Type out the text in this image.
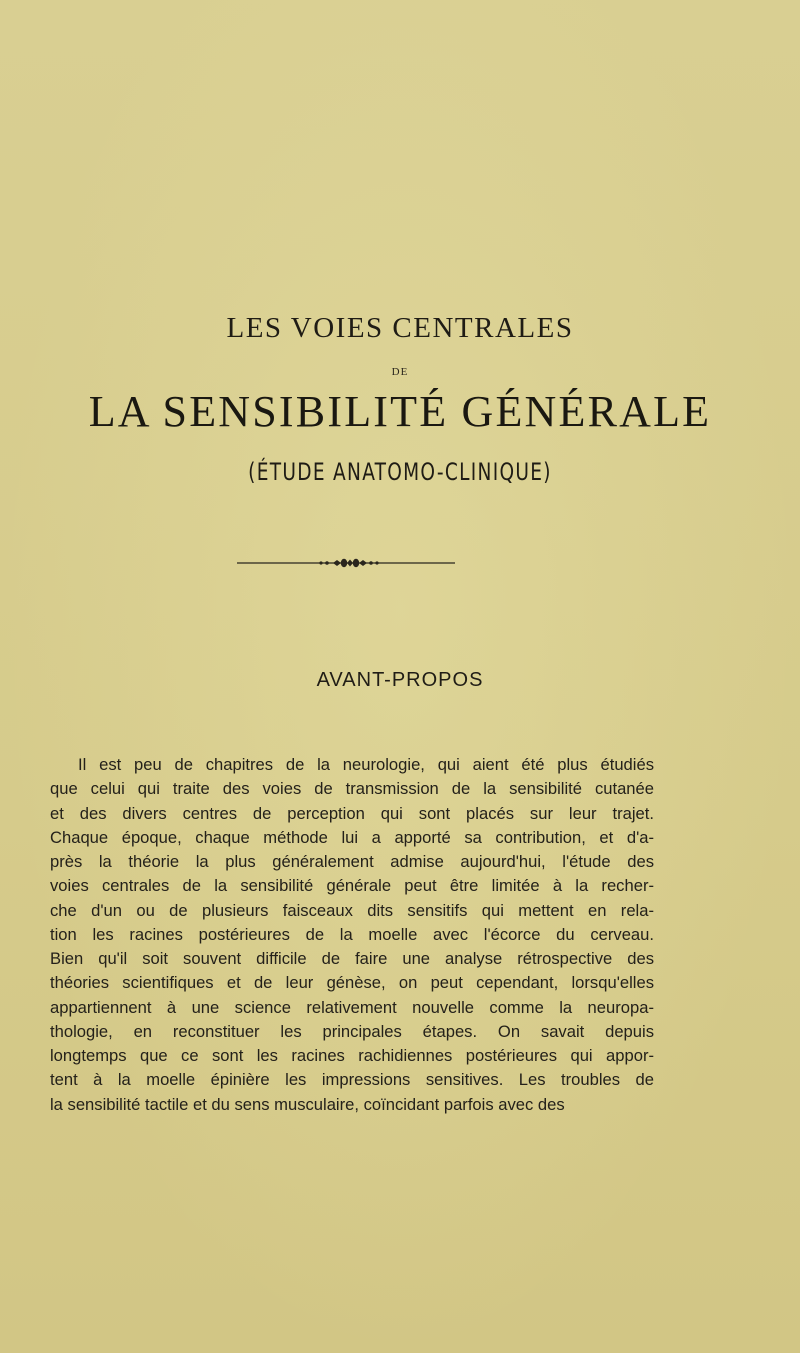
LES VOIES CENTRALES
DE
LA SENSIBILITÉ GÉNÉRALE
(ÉTUDE ANATOMO-CLINIQUE)
AVANT-PROPOS
Il est peu de chapitres de la neurologie, qui aient été plus étudiés
que celui qui traite des voies de transmission de la sensibilité cutanée
et des divers centres de perception qui sont placés sur leur trajet.
Chaque époque, chaque méthode lui a apporté sa contribution, et d'a-
près la théorie la plus généralement admise aujourd'hui, l'étude des
voies centrales de la sensibilité générale peut être limitée à la recher-
che d'un ou de plusieurs faisceaux dits sensitifs qui mettent en rela-
tion les racines postérieures de la moelle avec l'écorce du cerveau.
Bien qu'il soit souvent difficile de faire une analyse rétrospective des
théories scientifiques et de leur génèse, on peut cependant, lorsqu'elles
appartiennent à une science relativement nouvelle comme la neuropa-
thologie, en reconstituer les principales étapes. On savait depuis
longtemps que ce sont les racines rachidiennes postérieures qui appor-
tent à la moelle épinière les impressions sensitives. Les troubles de
la sensibilité tactile et du sens musculaire, coïncidant parfois avec des
